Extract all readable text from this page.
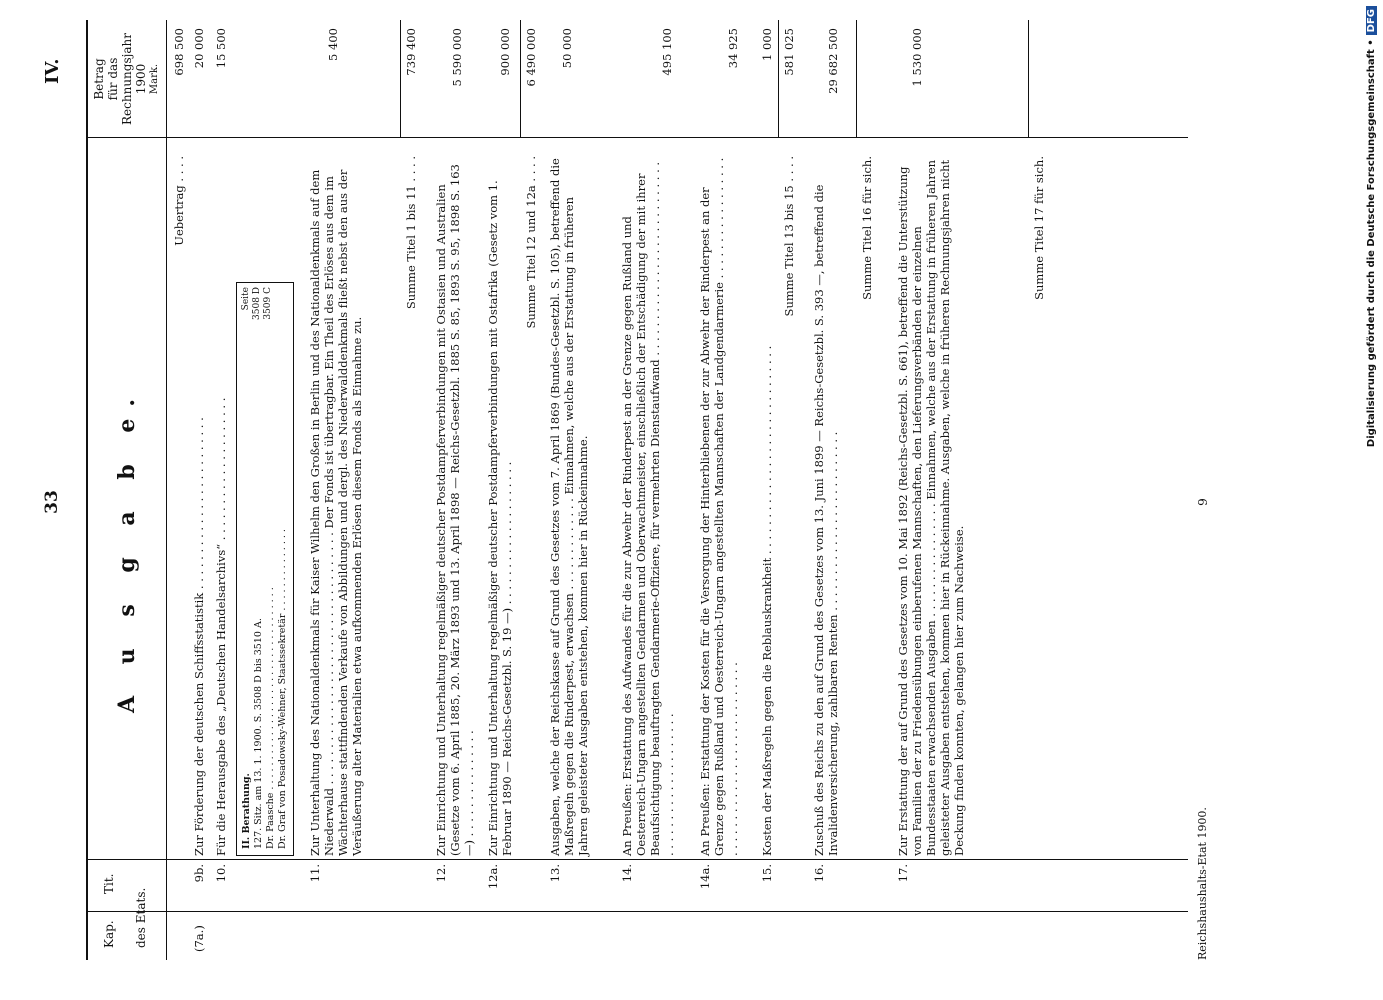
33
IV.
Kap.
Tit.
des Etats.
A u s g a b e.
Betrag für das Rechnungsjahr 1900 Mark.
Uebertrag . . . .
698 500
(7a.)
9b.
Zur Förderung der deutschen Schiffsstatistik . . . . . . . . . . . . . . . . . . . . . . . .
20 000
10.
Für die Herausgabe des „Deutschen Handelsarchivs“ . . . . . . . . . . . . . . . . . . . .
15 500
II. Berathung. 127. Sitz. am 13. 1. 1900. S. 3508 D bis 3510 A. Dr. Paasche . . . . . . . . . . . . . . . . . . . . . . . . . . . . . . . . . . Dr. Graf von Posadowsky-Wehner, Staatssekretär . . . . . . . . . . . . . .
Seite 3508 D 3509 C
11.
Zur Unterhaltung des Nationaldenkmals für Kaiser Wilhelm den Großen in Berlin und des Nationaldenkmals auf dem Niederwald . . . . . . . . . . . . . . . . . . . . . . . . . . . . . . . . . . . Der Fonds ist übertragbar. Ein Theil des Erlöses aus dem im Wächterhause stattfindenden Verkaufe von Abbildungen und dergl. des Niederwalddenkmals fließt nebst den aus der Veräußerung alter Materialien etwa aufkommenden Erlösen diesem Fonds als Einnahme zu.
5 400
Summe Titel 1 bis 11 . . . .
739 400
12.
Zur Einrichtung und Unterhaltung regelmäßiger deutscher Postdampferverbindungen mit Ostasien und Australien (Gesetze vom 6. April 1885, 20. März 1893 und 13. April 1898 — Reichs-Gesetzbl. 1885 S. 85, 1893 S. 95, 1898 S. 163 —) . . . . . . . . . . . . . . .
5 590 000
12a.
Zur Einrichtung und Unterhaltung regelmäßiger deutscher Postdampferverbindungen mit Ostafrika (Gesetz vom 1. Februar 1890 — Reichs-Gesetzbl. S. 19 —) . . . . . . . . . . . . . . . . . . . .
900 000
Summe Titel 12 und 12a . . . .
6 490 000
13.
Ausgaben, welche der Reichskasse auf Grund des Gesetzes vom 7. April 1869 (Bundes-Gesetzbl. S. 105), betreffend die Maßregeln gegen die Rinderpest, erwachsen . . . . . . . . . . . . . Einnahmen, welche aus der Erstattung in früheren Jahren geleisteter Ausgaben entstehen, kommen hier in Rückeinnahme.
50 000
14.
An Preußen: Erstattung des Aufwandes für die zur Abwehr der Rinderpest an der Grenze gegen Rußland und Oesterreich-Ungarn angestellten Gendarmen und Oberwachtmeister, einschließlich der Entschädigung der mit ihrer Beaufsichtigung beauftragten Gendarmerie-Offiziere, für vermehrten Dienstaufwand . . . . . . . . . . . . . . . . . . . . . . . . . . . . . . . . . . . . . . . . . . . . . . .
495 100
14a.
An Preußen: Erstattung der Kosten für die Versorgung der Hinterbliebenen der zur Abwehr der Rinderpest an der Grenze gegen Rußland und Oesterreich-Ungarn angestellten Mannschaften der Landgendarmerie . . . . . . . . . . . . . . . . . . . . . . . . . . . . . . . . . . . . . . . . . . . .
34 925
15.
Kosten der Maßregeln gegen die Reblauskrankheit . . . . . . . . . . . . . . . . . . . . . . . . . . . . .
1 000
Summe Titel 13 bis 15 . . . .
581 025
16.
Zuschuß des Reichs zu den auf Grund des Gesetzes vom 13. Juni 1899 — Reichs-Gesetzbl. S. 393 —, betreffend die Invalidenversicherung, zahlbaren Renten . . . . . . . . . . . . . . . . . . . . . . . . .
29 682 500
Summe Titel 16 für sich.
17.
Zur Erstattung der auf Grund des Gesetzes vom 10. Mai 1892 (Reichs-Gesetzbl. S. 661), betreffend die Unterstützung von Familien der zu Friedensübungen einberufenen Mannschaften, den Lieferungsverbänden der einzelnen Bundesstaaten erwachsenden Ausgaben . . . . . . . . . . . . . . . . Einnahmen, welche aus der Erstattung in früheren Jahren geleisteter Ausgaben entstehen, kommen hier in Rückeinnahme. Ausgaben, welche in früheren Rechnungsjahren nicht Deckung finden konnten, gelangen hier zum Nachweise.
1 530 000
Summe Titel 17 für sich.
Reichshaushalts-Etat 1900.
9
Digitalisierung gefördert durch die Deutsche Forschungsgemeinschaft •DFG
